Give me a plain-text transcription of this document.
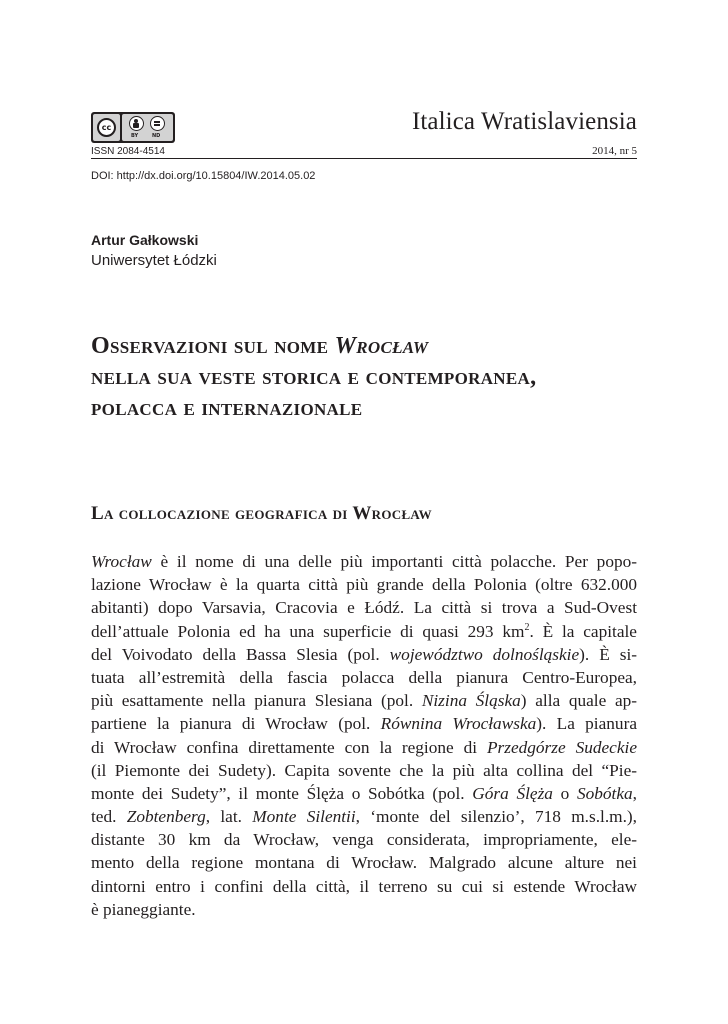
cc
BY	ND
Italica Wratislaviensia
ISSN 2084-4514	2014, nr 5
DOI: http://dx.doi.org/10.15804/IW.2014.05.02
Artur Gałkowski
Uniwersytet Łódzki
Osservazioni sul nome Wrocław
nella sua veste storica e contemporanea,
polacca e internazionale
La collocazione geografica di Wrocław
Wrocław è il nome di una delle più importanti città polacche. Per popo-
lazione Wrocław è la quarta città più grande della Polonia (oltre 632.000
abitanti) dopo Varsavia, Cracovia e Łódź. La città si trova a Sud-Ovest
dell’attuale Polonia ed ha una superficie di quasi 293 $km^2$. È la capitale
del Voivodato della Bassa Slesia (pol. województwo dolnośląskie). È si-
tuata all’estremità della fascia polacca della pianura Centro-Europea,
più esattamente nella pianura Slesiana (pol. Nizina Śląska) alla quale ap-
partiene la pianura di Wrocław (pol. Równina Wrocławska). La pianura
di Wrocław confina direttamente con la regione di Przedgórze Sudeckie
(il Piemonte dei Sudety). Capita sovente che la più alta collina del “Pie-
monte dei Sudety”, il monte Ślęża o Sobótka (pol. Góra Ślęża o Sobótka,
ted. Zobtenberg, lat. Monte Silentii, ‘monte del silenzio’, 718 m.s.l.m.),
distante 30 km da Wrocław, venga considerata, impropriamente, ele-
mento della regione montana di Wrocław. Malgrado alcune alture nei
dintorni entro i confini della città, il terreno su cui si estende Wrocław
è pianeggiante.
